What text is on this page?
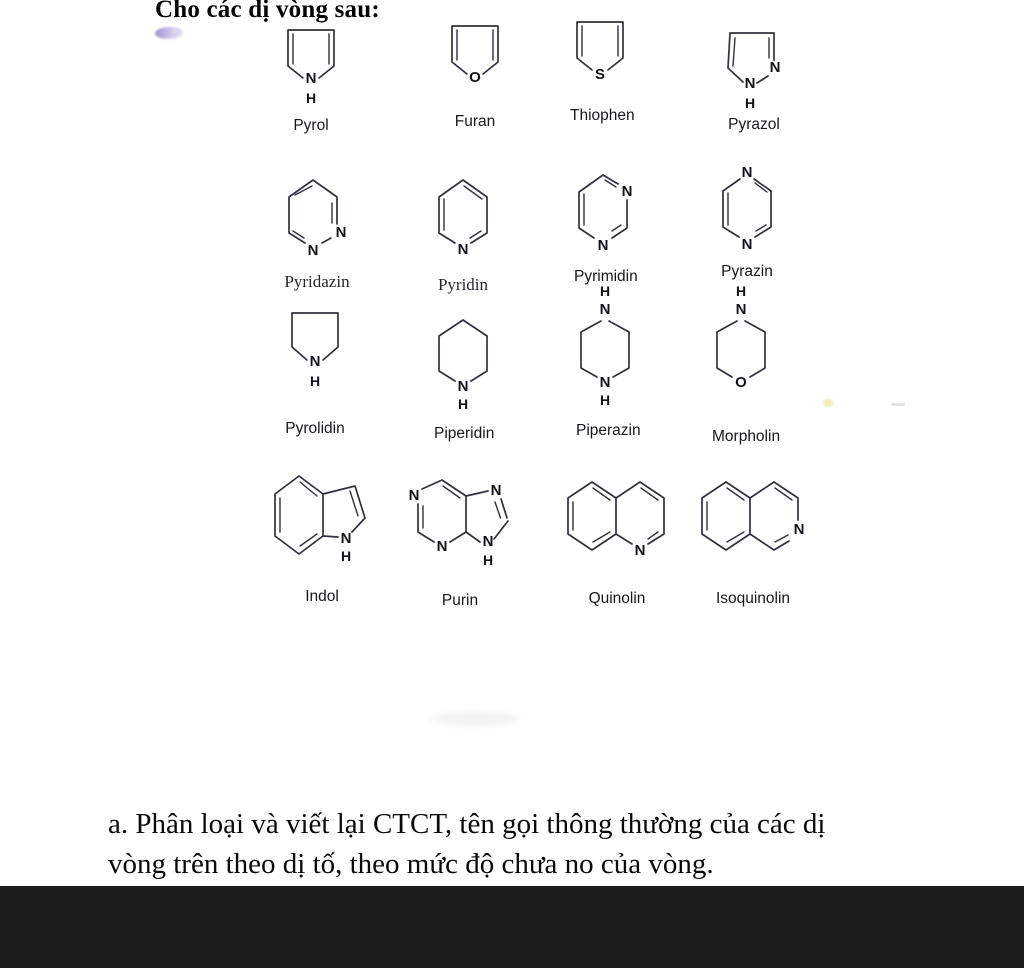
Cho các dị vòng sau:
N
H
Pyrol
O
Furan
S
Thiophen
N
N
H
Pyrazol
N
N
Pyridazin
N
Pyridin
N
N
Pyrimidin
N
N
Pyrazin
N
H
Pyrolidin
N
H
Piperidin
H
N
N
H
Piperazin
H
N
O
Morpholin
N
H
Indol
N
N
N
N
H
Purin
N
Quinolin
N
Isoquinolin
a. Phân loại và viết lại CTCT, tên gọi thông thường của các dị
vòng trên theo dị tố, theo mức độ chưa no của vòng.
